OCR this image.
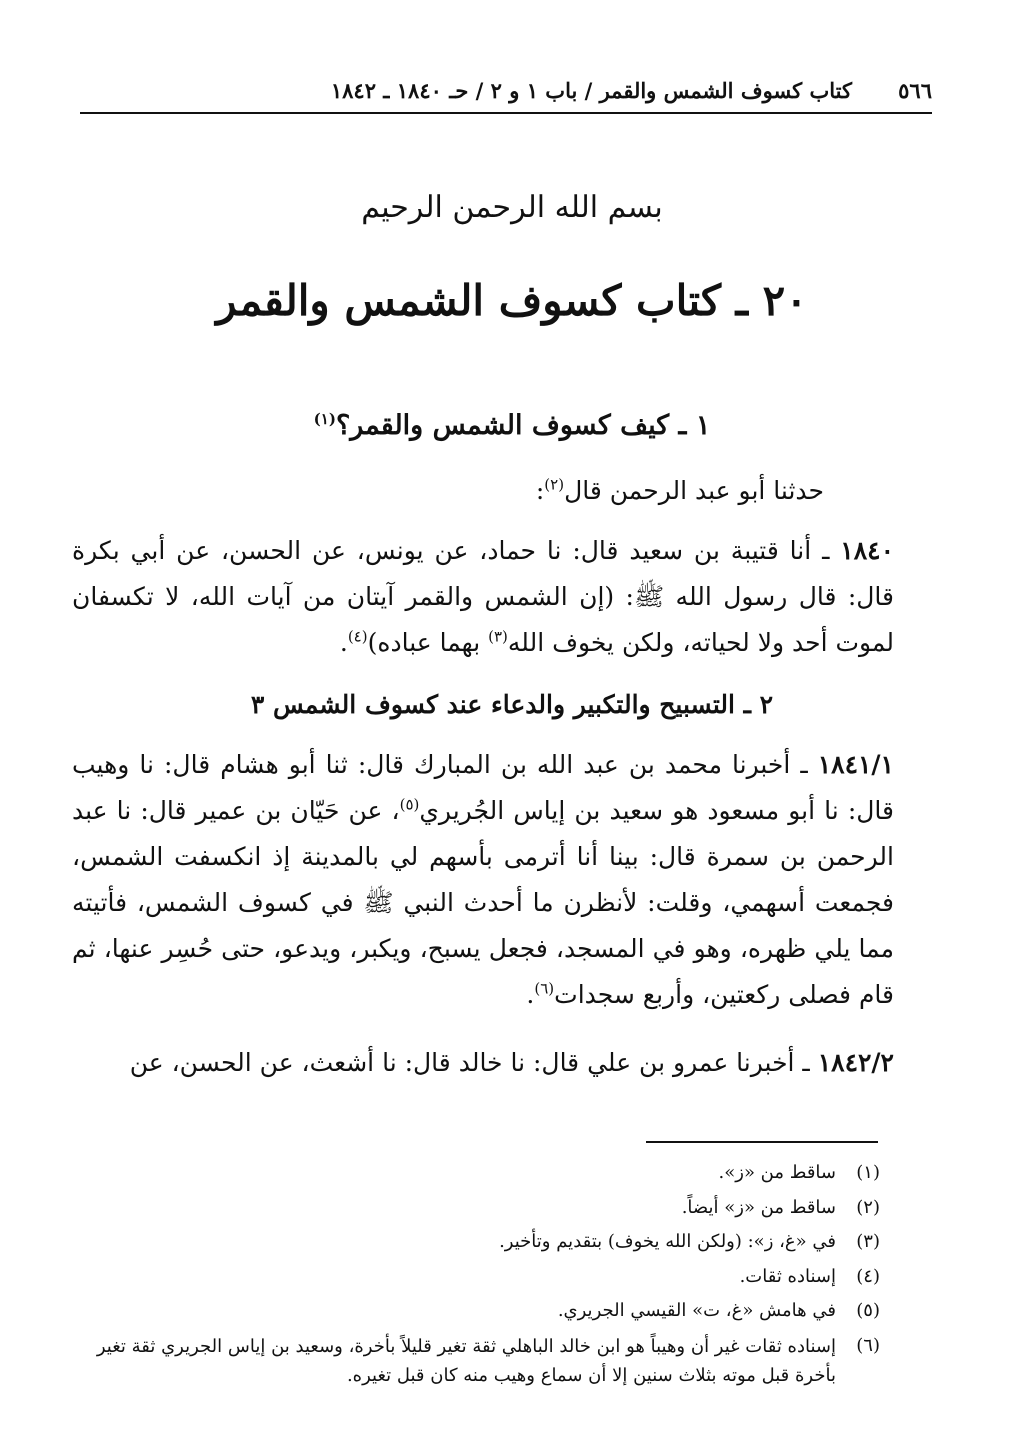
٥٦٦
كتاب كسوف الشمس والقمر / باب ١ و ٢ / حـ ١٨٤٠ ـ ١٨٤٢
بسم الله الرحمن الرحيم
٢٠ ـ كتاب كسوف الشمس والقمر
١ ـ كيف كسوف الشمس والقمر؟$^{(١)}$
حدثنا أبو عبد الرحمن قال$^{(٢)}$:
١٨٤٠ ـ أنا قتيبة بن سعيد قال: نا حماد، عن يونس، عن الحسن، عن أبي بكرة قال: قال رسول الله ﷺ: (إن الشمس والقمر آيتان من آيات الله، لا تكسفان لموت أحد ولا لحياته، ولكن يخوف الله$^{(٣)}$ بهما عباده)$^{(٤)}$.
٢ ـ التسبيح والتكبير والدعاء عند كسوف الشمس ٣
١٨٤١/١ ـ أخبرنا محمد بن عبد الله بن المبارك قال: ثنا أبو هشام قال: نا وهيب قال: نا أبو مسعود هو سعيد بن إياس الجُريري$^{(٥)}$، عن حَيّان بن عمير قال: نا عبد الرحمن بن سمرة قال: بينا أنا أترمى بأسهم لي بالمدينة إذ انكسفت الشمس، فجمعت أسهمي، وقلت: لأنظرن ما أحدث النبي ﷺ في كسوف الشمس، فأتيته مما يلي ظهره، وهو في المسجد، فجعل يسبح، ويكبر، ويدعو، حتى حُسِر عنها، ثم قام فصلى ركعتين، وأربع سجدات$^{(٦)}$.
١٨٤٢/٢ ـ أخبرنا عمرو بن علي قال: نا خالد قال: نا أشعث، عن الحسن، عن
(١)
ساقط من «ز».
(٢)
ساقط من «ز» أيضاً.
(٣)
في «غ، ز»: (ولكن الله يخوف) بتقديم وتأخير.
(٤)
إسناده ثقات.
(٥)
في هامش «غ، ت» القيسي الجريري.
(٦)
إسناده ثقات غير أن وهيباً هو ابن خالد الباهلي ثقة تغير قليلاً بأخرة، وسعيد بن إياس الجريري ثقة تغير بأخرة قبل موته بثلاث سنين إلا أن سماع وهيب منه كان قبل تغيره.
